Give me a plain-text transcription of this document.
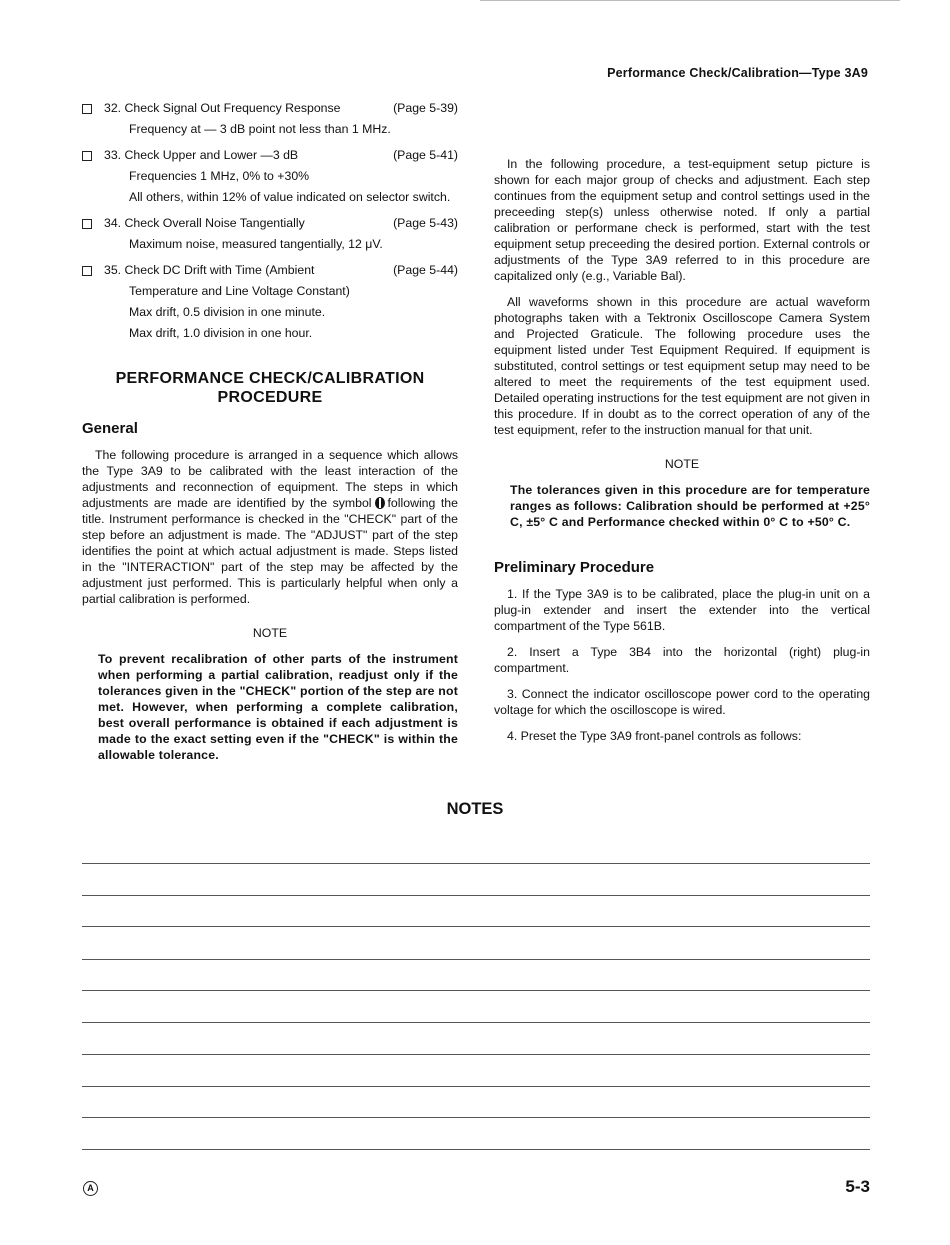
Performance Check/Calibration—Type 3A9
32. Check Signal Out Frequency Response	(Page 5-39)
Frequency at — 3 dB point not less than 1 MHz.
33. Check Upper and Lower —3 dB	(Page 5-41)
Frequencies 1 MHz, 0% to +30%
All others, within 12% of value indicated on selector switch.
34. Check Overall Noise Tangentially	(Page 5-43)
Maximum noise, measured tangentially, 12 μV.
35. Check DC Drift with Time (Ambient	(Page 5-44)
Temperature and Line Voltage Constant)
Max drift, 0.5 division in one minute.
Max drift, 1.0 division in one hour.
PERFORMANCE CHECK/CALIBRATION
PROCEDURE
General

The following procedure is arranged in a sequence which allows the Type 3A9 to be calibrated with the least interaction of the adjustments and reconnection of equipment. The steps in which adjustments are made are identified by the symbol following the title. Instrument performance is checked in the "CHECK" part of the step before an adjustment is made. The "ADJUST" part of the step identifies the point at which actual adjustment is made. Steps listed in the "INTERACTION" part of the step may be affected by the adjustment just performed. This is particularly helpful when only a partial calibration is performed.

NOTE
To prevent recalibration of other parts of the instrument when performing a partial calibration, readjust only if the tolerances given in the "CHECK" portion of the step are not met. However, when performing a complete calibration, best overall performance is obtained if each adjustment is made to the exact setting even if the "CHECK" is within the allowable tolerance.

In the following procedure, a test-equipment setup picture is shown for each major group of checks and adjustment. Each step continues from the equipment setup and control settings used in the preceeding step(s) unless otherwise noted. If only a partial calibration or performane check is performed, start with the test equipment setup preceeding the desired portion. External controls or adjustments of the Type 3A9 referred to in this procedure are capitalized only (e.g., Variable Bal).

All waveforms shown in this procedure are actual waveform photographs taken with a Tektronix Oscilloscope Camera System and Projected Graticule. The following procedure uses the equipment listed under Test Equipment Required. If equipment is substituted, control settings or test equipment setup may need to be altered to meet the requirements of the test equipment used. Detailed operating instructions for the test equipment are not given in this procedure. If in doubt as to the correct operation of any of the test equipment, refer to the instruction manual for that unit.

NOTE
The tolerances given in this procedure are for temperature ranges as follows: Calibration should be performed at +25° C, ±5° C and Performance checked within 0° C to +50° C.
Preliminary Procedure

1. If the Type 3A9 is to be calibrated, place the plug-in unit on a plug-in extender and insert the extender into the vertical compartment of the Type 561B.

2. Insert a Type 3B4 into the horizontal (right) plug-in compartment.

3. Connect the indicator oscilloscope power cord to the operating voltage for which the oscilloscope is wired.

4. Preset the Type 3A9 front-panel controls as follows:

NOTES
A	5-3
